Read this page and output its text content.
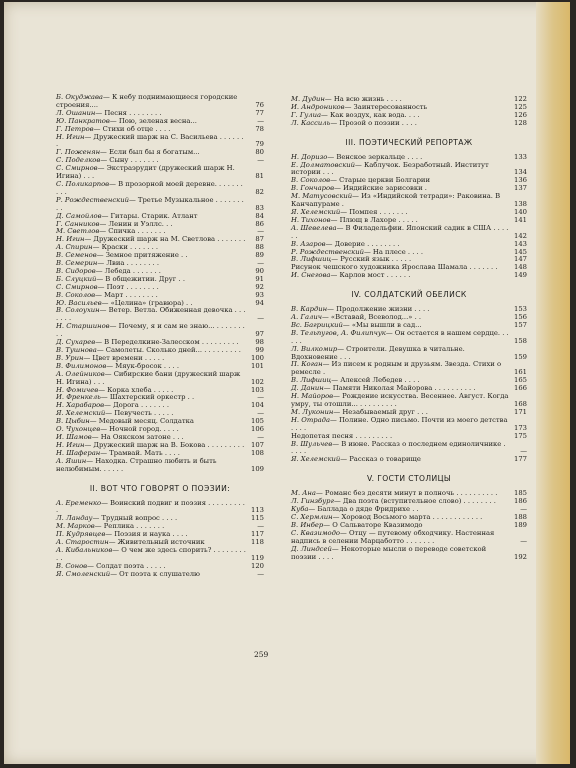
Б. Окуджава— К небу поднимающиеся городские строения....	76
Л. Ошанин— Песня . . . . . . . .	77
Ю. Панкратов— Пою, зеленая весна...	—
Г. Петров— Стихи об отце . . . .	78
Н. Игин— Дружеский шарж на С. Васильева . . . . . . .	79
Г. Поженян— Если был бы я богатым...	80
С. Поделков— Сыну . . . . . . .	—
С. Смирнов— Экстраэрудит (дружеский шарж Н. Игина) . . .	81
С. Поликарпов— В прозорной моей деревне. . . . . . . . . .	82
Р. Рождественский— Третье Музыкальное . . . . . . . . .	83
Д. Самойлов— Гитары. Старик. Атлант	84
Г. Санников— Ленин и Уэллс. . .	86
М. Светлов— Спичка . . . . . . .	—
Н. Игин— Дружеский шарж на М. Светлова . . . . . . .	87
А. Спирин— Краски . . . . . . .	88
В. Семенов— Земное притяжение . .	89
В. Семерин— Лвиа . . . . . . . .	—
В. Сидоров— Лебеда . . . . . . .	90
Б. Слуцкий— В общежитии. Друг . .	91
С. Смирнов— Поэт . . . . . . . .	92
В. Соколов— Март . . . . . . . .	93
Ю. Васильев— «Целина» (гравюра) . .	94
В. Солоухин— Ветер. Ветла. Обиженная девочка . . . . . . .	—
Н. Старшинов— Почему, я и сам не знаю... . . . . . . . . .	97
Д. Сухарев— В Переделкине-Залесском . . . . . . . . .	98
В. Тушнова— Самолеты. Сколько дней... . . . . . . . . .	99
В. Урин— Цвет времени . . . . .	100
В. Филимонов— Мяук-бросок . . . .	101
А. Олейников— Сибирские бани (дружеский шарж Н. Игина) . . .	102
Н. Фомичев— Корка хлеба . . . . .	103
И. Френкель— Шахтерский оркестр . .	—
Н. Харабаров— Дорога . . . . . . .	104
Я. Хелемский— Певучесть . . . . .	—
В. Цыбин— Медовый месяц. Солдатка	105
О. Чухонцев— Ночной город. . . . .	106
И. Шамов— На Оякском затоне . . .	—
Н. Игин— Дружеский шарж на В. Бокова . . . . . . . . . 107
Н. Шаферан— Трамвай. Мать . . . .	108
А. Яшин— Находка. Страшно любить и быть нелюбимым. . . . . .	109
II. ВОТ ЧТО ГОВОРЯТ О ПОЭЗИИ:
А. Еременко— Воинский подвиг и поэзия . . . . . . . . . .	113
Л. Ландау— Трудный вопрос . . . .	115
М. Марков— Реплика . . . . . . .	—
П. Кудрявцев— Поэзия и наука . . . .	117
А. Старостин— Живительный источник	118
А. Кибальников— О чем же здесь спорить? . . . . . . . . . .	119
В. Сонов— Солдат поэта . . . . .	120
Я. Смоленский— От поэта к слушателю	—
М. Дудин— На всю жизнь . . . .	122
И. Андроников— Заинтересованность	125
Г. Гулиа— Как воздух, как вода. . . .	126
Л. Кассиль— Прозой о поэзии . . . .	128
III. ПОЭТИЧЕСКИЙ РЕПОРТАЖ
Н. Доризо— Венское зеркальце . . . .	133
Е. Долматовский— Каблучок. Безработный. Институт истории . . .	134
В. Соколов— Старые церкви Болгарии	136
В. Гончаров— Индийские зарисовки .	137
М. Матусовский— Из «Индийской тетради»: Раковина. В Канчапураме .	138
Я. Хелемский— Помпея . . . . . . .	140
Н. Тихонов— Плющ в Лахоре . . . . .	141
А. Шевелева— В Филадельфии. Японский садик в США . . . . . .	142
В. Азаров— Доверие . . . . . . . .	143
Р. Рождественский— На плесе . . . .	145
В. Лифшиц— Русский язык . . . . .	147
Рисунок чешского художника Ярослава Шамала . . . . . . .	148
И. Снегова— Карлов мост . . . . . .	149
IV. СОЛДАТСКИЙ ОБЕЛИСК
В. Кардин— Продолжение жизни . . . .	153
А. Галич— «Вставай, Всеволод...» . .	156
Вс. Багрицкий— «Мы вышли в сад...	157
В. Тельпугов, А. Филипчук— Он остается в нашем сердце. . . . . .	158
Л. Вилкомир— Строители. Девушка в читальне. Вдохновение . . .	159
П. Коган— Из писем к родным и друзьям. Звезда. Стихи о ремесле .	161
В. Лифшиц— Алексей Лебедев . . . .	165
Д. Данин— Памяти Николая Майорова . . . . . . . . . .	166
Н. Майоров— Рождение искусства. Весеннее. Август. Когда умру, ты отошли... . . . . . . . . .	168
М. Луконин— Незабываемый друг . . .	171
Н. Отрада— Полине. Одно письмо. Почти из моего детства . . . .	173
Недопетая песня . . . . . . . . .	175
В. Шульчев— В июне. Рассказ о последнем единоличнике . . . . .	—
Я. Хелемский— Рассказ о товарище	177
V. ГОСТИ СТОЛИЦЫ
М. Ана— Романс без десяти минут в полночь . . . . . . . . . .	185
Л. Гинзбург— Два поэта (вступительное слово) . . . . . . . .	186
Куба— Баллада о дяде Фридрихе . .	—
С. Хермлин— Хоровод Восьмого марта . . . . . . . . . . . .	188
В. Инбер— О Сальваторе Квазимодо	189
С. Квазимодо— Отцу — путевому обходчику. Настенная надпись в селении Марцаботто . . . . . . .	—
Д. Линдсей— Некоторые мысли о переводе советской поэзии . . . .	192
259
